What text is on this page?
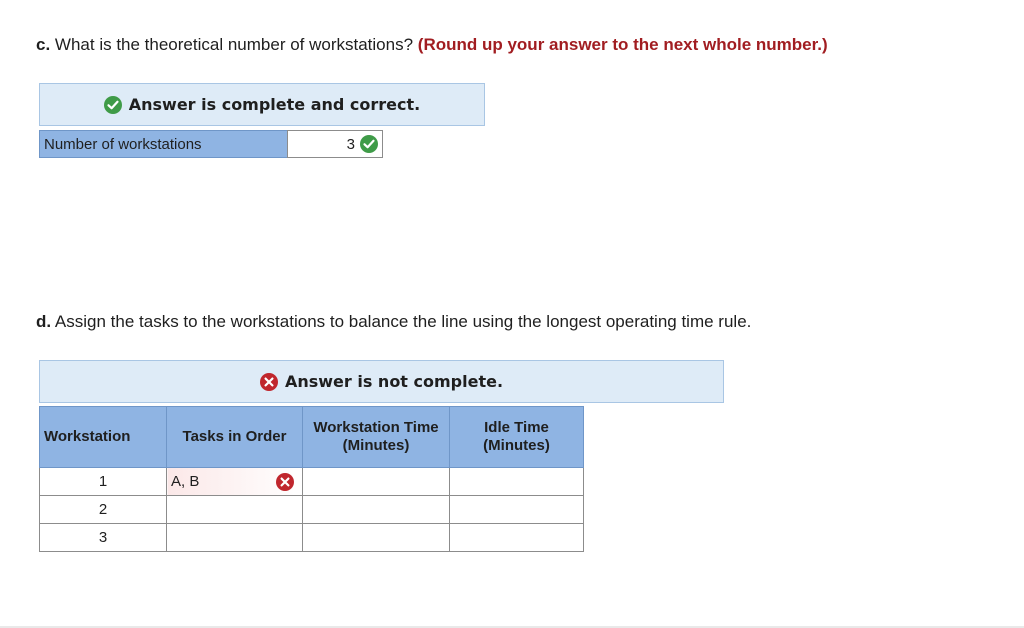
c. What is the theoretical number of workstations? (Round up your answer to the next whole number.)
Answer is complete and correct.
Number of workstations	3
d. Assign the tasks to the workstations to balance the line using the longest operating time rule.
Answer is not complete.
Workstation	Tasks in Order	Workstation Time (Minutes)	Idle Time (Minutes)
1	A, B

2			
3			
